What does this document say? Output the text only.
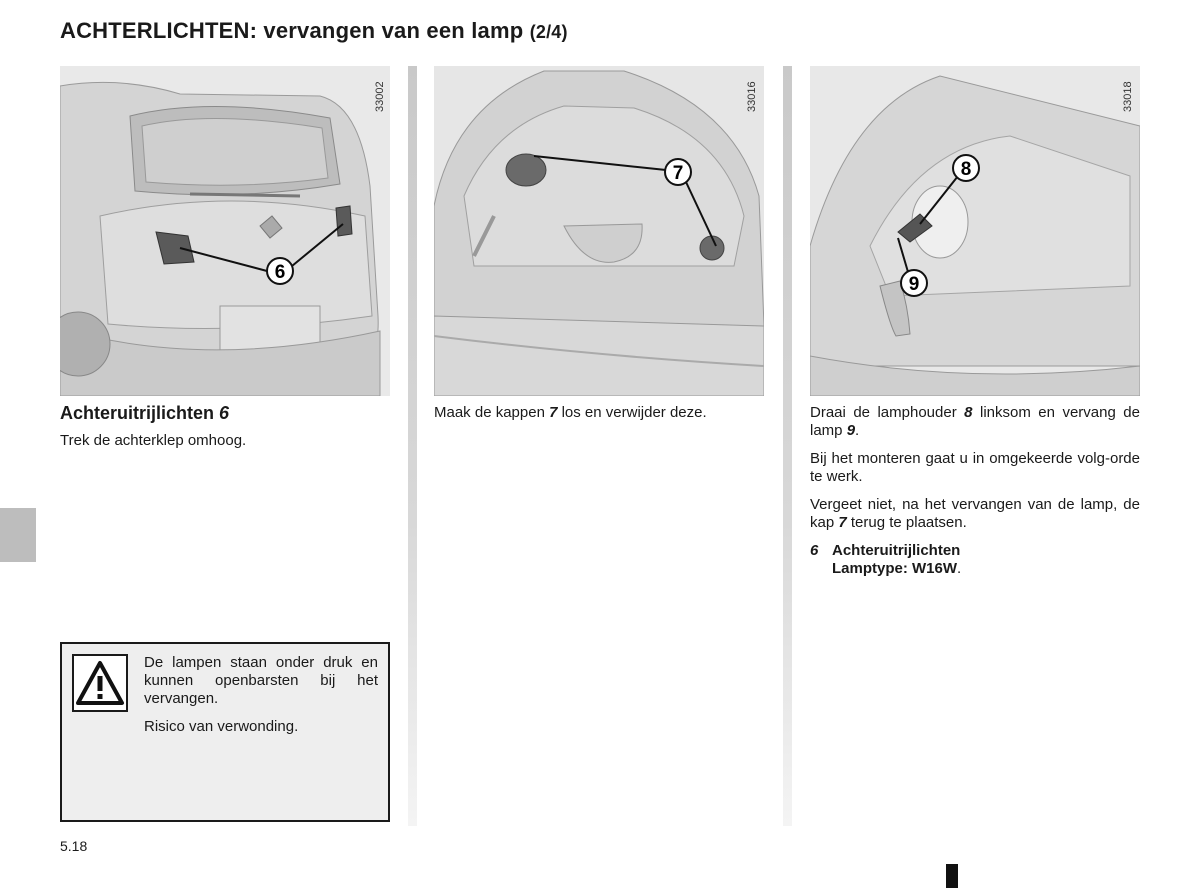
ACHTERLICHTEN: vervangen van een lamp (2/4)
6
33002
7
33016
8
9
33018
Achteruitrijlichten 6

Trek de achterklep omhoog.

Maak de kappen 7 los en verwijder deze.	Draai de lamphouder 8 linksom en vervang de lamp 9.

Bij het monteren gaat u in omgekeerde volg-orde te werk.

Vergeet niet, na het vervangen van de lamp, de kap 7 terug te plaatsen.

6 Achteruitrijlichten
Lamptype: W16W.

De lampen staan onder druk en kunnen openbarsten bij het vervangen.

Risico van verwonding.

5.18
